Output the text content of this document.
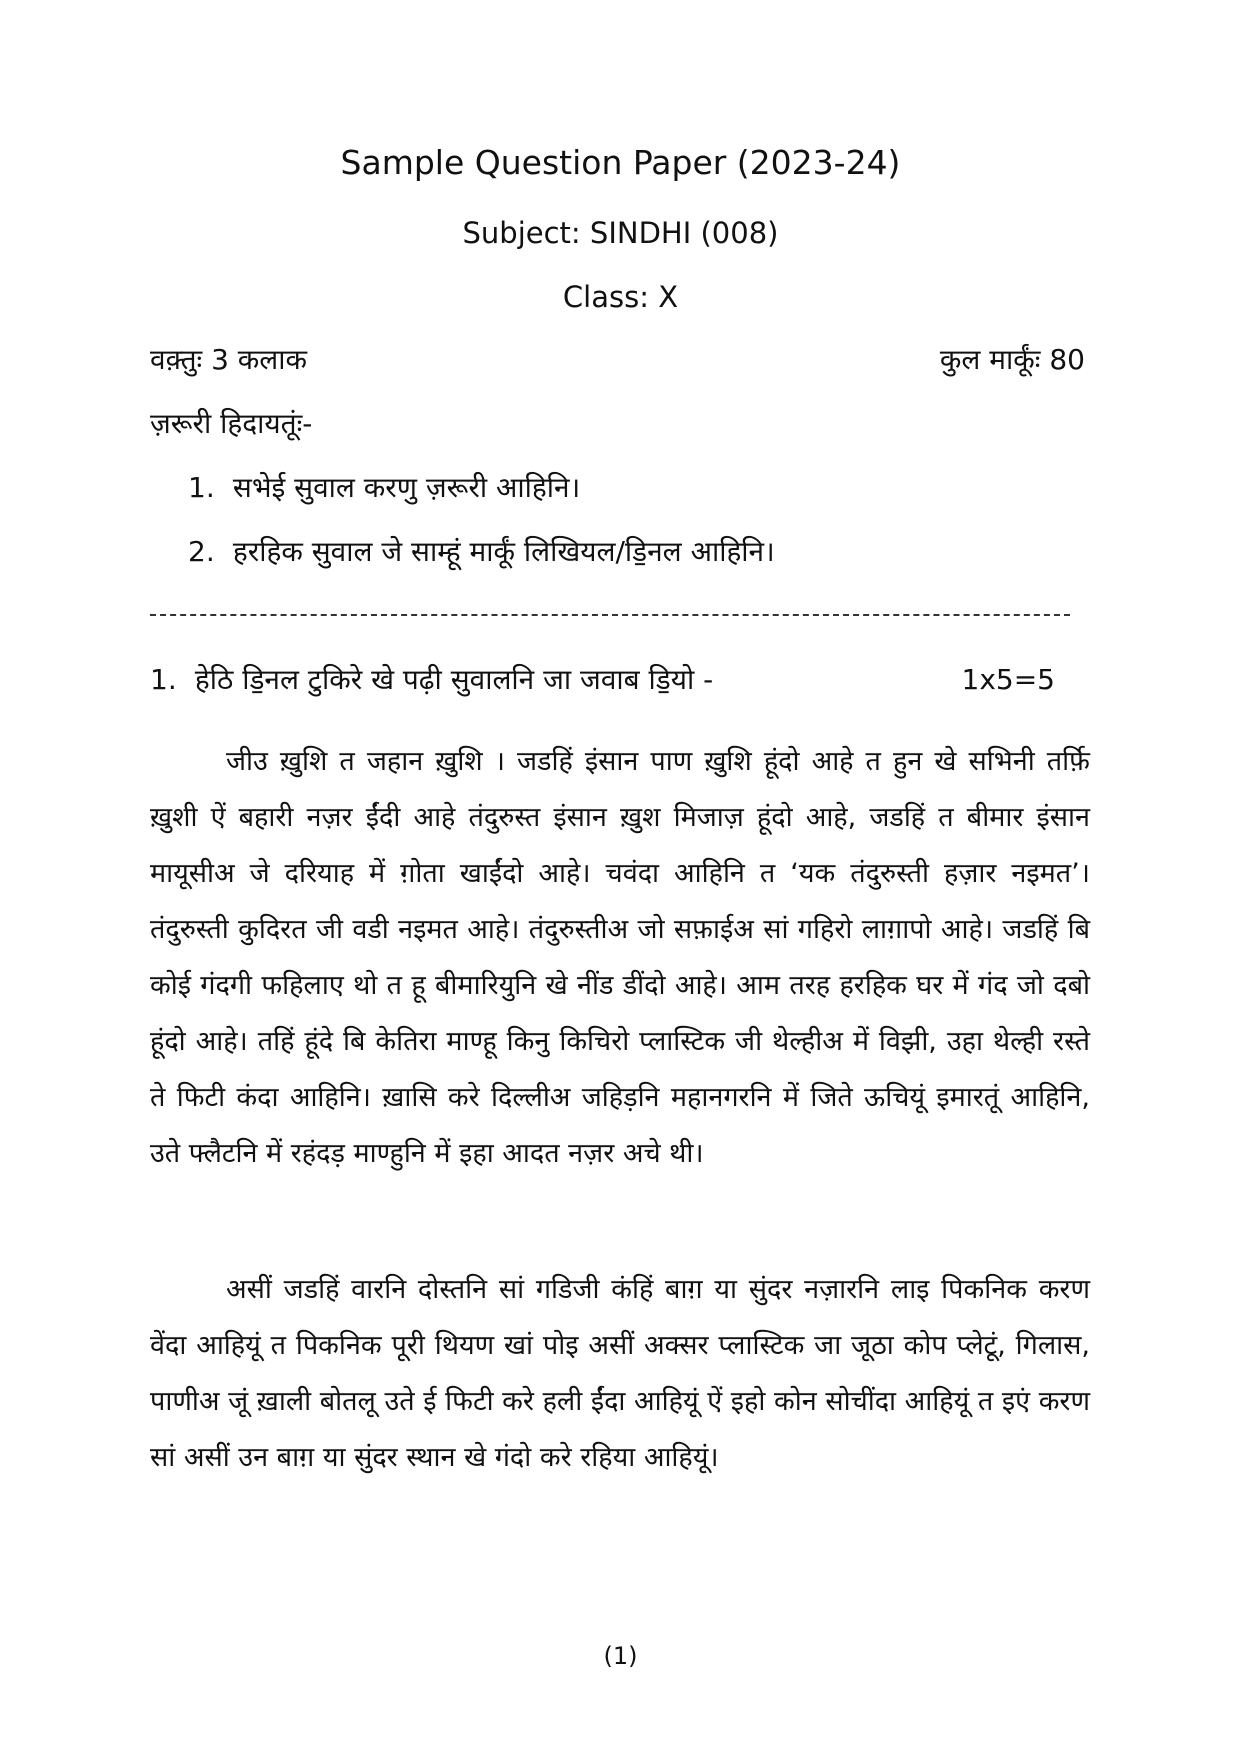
Sample Question Paper (2023-24)
Subject: SINDHI (008)
Class: X
वक़्तुः 3 कलाक	कुल मार्कूंः 80
ज़रूरी हिदायतूंः-
1. सभेई सुवाल करणु ज़रूरी आहिनि।
2. हरहिक सुवाल जे साम्हूं मार्कूं लिखियल/डि॒नल आहिनि।
1. हेठि डि॒नल टुकिरे खे पढ़ी सुवालनि जा जवाब डि॒यो -	1x5=5

जीउ ख़ुशि त जहान ख़ुशि । जडहिं इंसान पाण ख़ुशि हूंदो आहे त हुन खे सभिनी तर्फ़ि ख़ुशी ऐं बहारी नज़र ईंदी आहे तंदुरुस्त इंसान ख़ुश मिजाज़ हूंदो आहे, जडहिं त बीमार इंसान मायूसीअ जे दरियाह में ग़ोता खाईंदो आहे। चवंदा आहिनि त ‘यक तंदुरुस्ती हज़ार नइमत’। तंदुरुस्ती कुदिरत जी वडी नइमत आहे। तंदुरुस्तीअ जो सफ़ाईअ सां गहिरो लाग़ापो आहे। जडहिं बि कोई गंदगी फहिलाए थो त हू बीमारियुनि खे नींड डींदो आहे। आम तरह हरहिक घर में गंद जो दबो हूंदो आहे। तहिं हूंदे बि केतिरा माण्हू किनु किचिरो प्लास्टिक जी थेल्हीअ में विझी, उहा थेल्ही रस्ते ते फिटी कंदा आहिनि। ख़ासि करे दिल्लीअ जहिड़नि महानगरनि में जिते ऊचियूं इमारतूं आहिनि, उते फ्लैटनि में रहंदड़ माण्हुनि में इहा आदत नज़र अचे थी।

असीं जडहिं वारनि दोस्तनि सां गडिजी कंहिं बाग़ या सुंदर नज़ारनि लाइ पिकनिक करण वेंदा आहियूं त पिकनिक पूरी थियण खां पोइ असीं अक्सर प्लास्टिक जा जूठा कोप प्लेटूं, गिलास, पाणीअ जूं ख़ाली बोतलू उते ई फिटी करे हली ईंदा आहियूं ऐं इहो कोन सोचींदा आहियूं त इएं करण सां असीं उन बाग़ या सुंदर स्थान खे गंदो करे रहिया आहियूं।

(1)
